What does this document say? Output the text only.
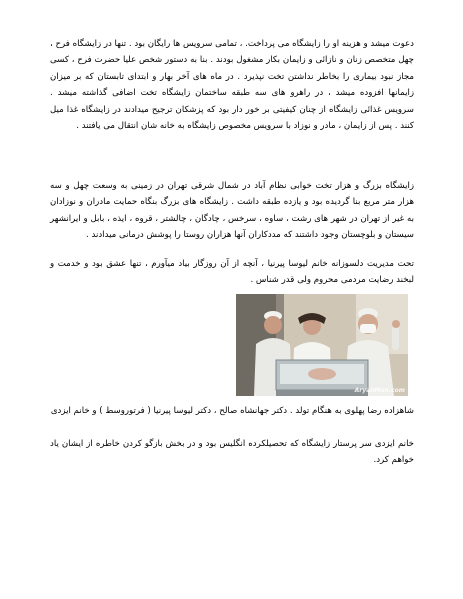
دعوت میشد و هزینه او را زایشگاه می پرداخت. ، تمامی سرویس ها رایگان بود . تنها در زایشگاه فرح ، چهل متخصص زنان و نازائی و زایمان بکار مشغول بودند . بنا به دستور شخص علیا حضرت فرح ، کسی مجاز نبود بیماری را بخاطر نداشتن تخت نپذیرد . در ماه های آخر بهار و ابتدای تابستان که بر میزان زایمانها افزوده میشد ، در راهرو های سه طبقه ساختمان زایشگاه تخت اضافی گذاشته میشد . سرویس غذائی زایشگاه از چنان کیفیتی بر خور دار بود که پزشکان ترجیح میدادند در زایشگاه غذا میل کنند . پس از زایمان ، مادر و نوزاد با سرویس مخصوص زایشگاه به خانه شان انتقال می یافتند .

زایشگاه بزرگ و هزار تخت خوابی نظام آباد در شمال شرقی تهران در زمینی به وسعت چهل و سه هزار متر مربع بنا گردیده بود و یازده طبقه داشت . زایشگاه های بزرگ بنگاه حمایت مادران و نوزادان به غیر از تهران در شهر های رشت ، ساوه ، سرخس ، چادگان ، چالشتر ، قروه ، ایذه ، بابل و ایرانشهر سیستان و بلوچستان وجود داشتند که مددکاران آنها هزاران روستا را پوشش درمانی میدادند .

تحت مدیریت دلسوزانه خانم لیوسا پیرنیا ، آنچه از آن روزگار بیاد میآورم ، تنها عشق بود و خدمت و لبخند رضایت مردمی محروم ولی قدر شناس .

AryanMan.com

شاهزاده رضا پهلوی به هنگام تولد . دکتر جهانشاه صالح ، دکتر لیوسا پیرنیا ( فرتوروسط ) و خانم ایزدی

خانم ایزدی سر پرستار زایشگاه که تحصیلکرده انگلیس بود و در بخش بازگو کردن خاطره از ایشان یاد خواهم کرد.
